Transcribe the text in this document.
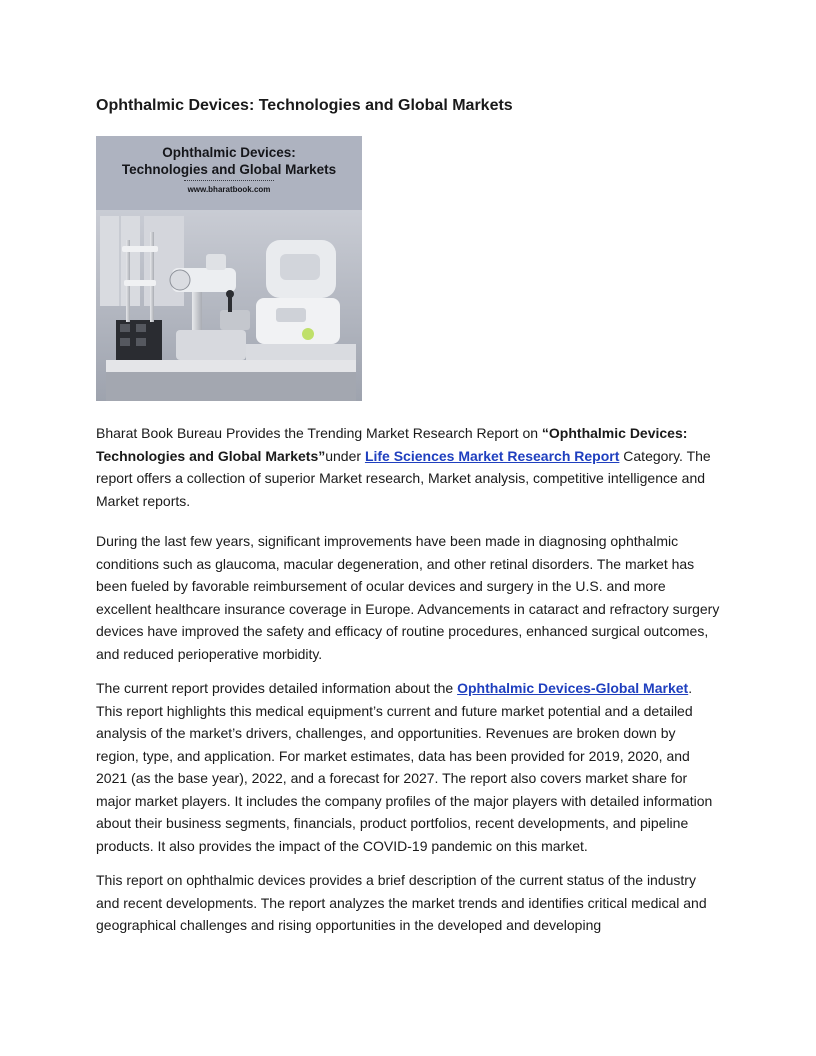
Ophthalmic Devices: Technologies and Global Markets
Ophthalmic Devices:
Technologies and Global Markets
www.bharatbook.com

Bharat Book Bureau Provides the Trending Market Research Report on “Ophthalmic Devices: Technologies and Global Markets”under Life Sciences Market Research Report Category. The report offers a collection of superior Market research, Market analysis, competitive intelligence and Market reports.

During the last few years, significant improvements have been made in diagnosing ophthalmic conditions such as glaucoma, macular degeneration, and other retinal disorders. The market has been fueled by favorable reimbursement of ocular devices and surgery in the U.S. and more excellent healthcare insurance coverage in Europe. Advancements in cataract and refractory surgery devices have improved the safety and efficacy of routine procedures, enhanced surgical outcomes, and reduced perioperative morbidity.

The current report provides detailed information about the Ophthalmic Devices-Global Market. This report highlights this medical equipment’s current and future market potential and a detailed analysis of the market’s drivers, challenges, and opportunities. Revenues are broken down by region, type, and application. For market estimates, data has been provided for 2019, 2020, and 2021 (as the base year), 2022, and a forecast for 2027. The report also covers market share for major market players. It includes the company profiles of the major players with detailed information about their business segments, financials, product portfolios, recent developments, and pipeline products. It also provides the impact of the COVID-19 pandemic on this market.

This report on ophthalmic devices provides a brief description of the current status of the industry and recent developments. The report analyzes the market trends and identifies critical medical and geographical challenges and rising opportunities in the developed and developing
